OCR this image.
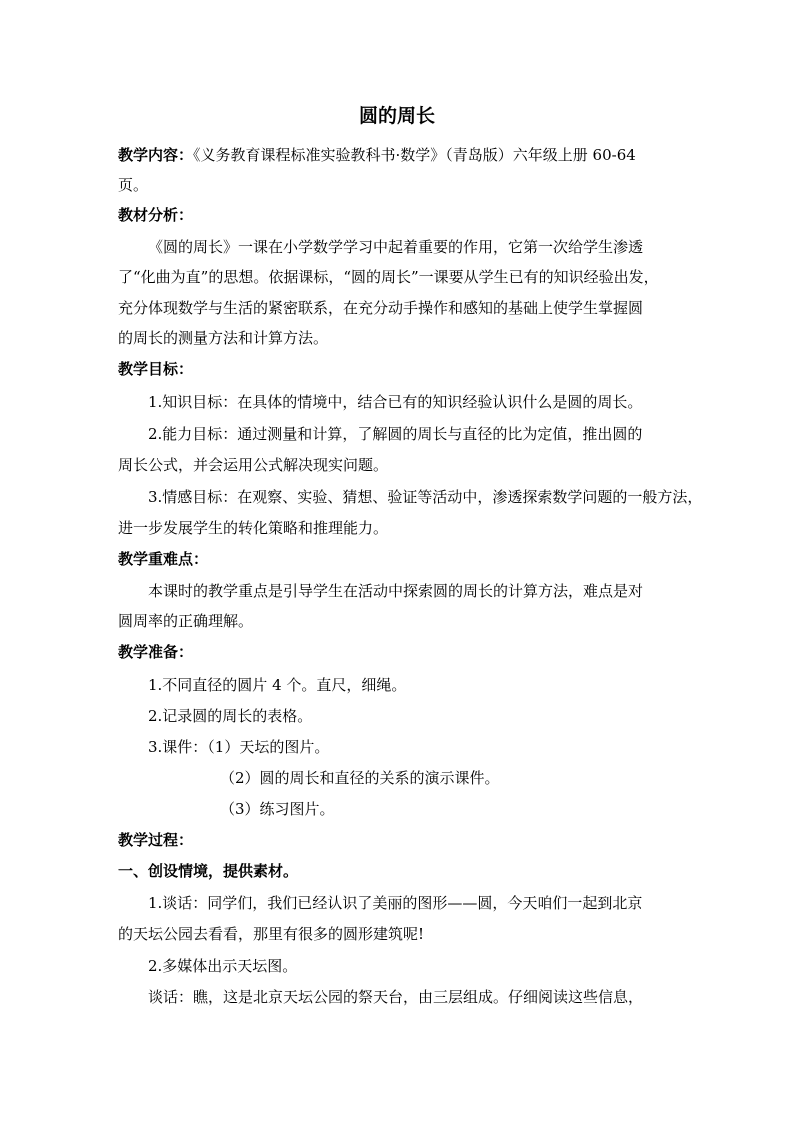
圆的周长
教学内容：《义务教育课程标准实验教科书·数学》（青岛版）六年级上册 60-64
页。
教材分析：
《圆的周长》一课在小学数学学习中起着重要的作用，它第一次给学生渗透
了“化曲为直”的思想。依据课标，“圆的周长”一课要从学生已有的知识经验出发，
充分体现数学与生活的紧密联系，在充分动手操作和感知的基础上使学生掌握圆
的周长的测量方法和计算方法。
教学目标：
1.知识目标：在具体的情境中，结合已有的知识经验认识什么是圆的周长。
2.能力目标：通过测量和计算，了解圆的周长与直径的比为定值，推出圆的
周长公式，并会运用公式解决现实问题。
3.情感目标：在观察、实验、猜想、验证等活动中，渗透探索数学问题的一般方法，
进一步发展学生的转化策略和推理能力。
教学重难点：
本课时的教学重点是引导学生在活动中探索圆的周长的计算方法，难点是对
圆周率的正确理解。
教学准备：
1.不同直径的圆片 4 个。直尺，细绳。
2.记录圆的周长的表格。
3.课件：（1）天坛的图片。
（2）圆的周长和直径的关系的演示课件。
（3）练习图片。
教学过程：
一、创设情境，提供素材。
1.谈话：同学们，我们已经认识了美丽的图形——圆，今天咱们一起到北京
的天坛公园去看看，那里有很多的圆形建筑呢!
2.多媒体出示天坛图。
谈话：瞧，这是北京天坛公园的祭天台，由三层组成。仔细阅读这些信息，
